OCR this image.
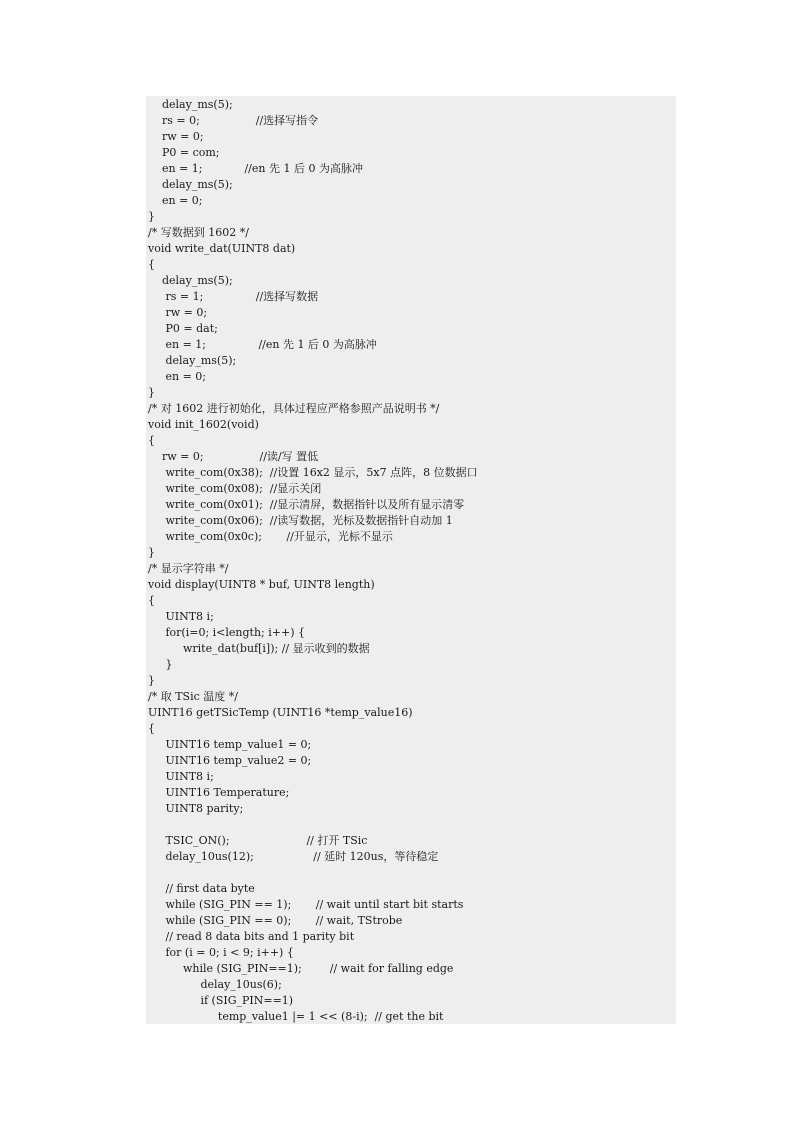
delay_ms(5);
rs = 0;                //选择写指令
rw = 0;
P0 = com;
en = 1;            //en 先 1 后 0 为高脉冲
delay_ms(5);
en = 0;
}
/* 写数据到 1602 */
void write_dat(UINT8 dat)
{
delay_ms(5);
rs = 1;               //选择写数据
rw = 0;
P0 = dat;
en = 1;               //en 先 1 后 0 为高脉冲
delay_ms(5);
en = 0;
}
/* 对 1602 进行初始化，具体过程应严格参照产品说明书 */
void init_1602(void)
{
rw = 0;                //读/写 置低
write_com(0x38);  //设置 16x2 显示，5x7 点阵，8 位数据口
write_com(0x08);  //显示关闭
write_com(0x01);  //显示清屏，数据指针以及所有显示清零
write_com(0x06);  //读写数据，光标及数据指针自动加 1
write_com(0x0c);       //开显示，光标不显示
}
/* 显示字符串 */
void display(UINT8 * buf, UINT8 length)
{
UINT8 i;
for(i=0; i<length; i++) {
write_dat(buf[i]); // 显示收到的数据
}
}
/* 取 TSic 温度 */
UINT16 getTSicTemp (UINT16 *temp_value16)
{
UINT16 temp_value1 = 0;
UINT16 temp_value2 = 0;
UINT8 i;
UINT16 Temperature;
UINT8 parity;
TSIC_ON();                      // 打开 TSic
delay_10us(12);                 // 延时 120us，等待稳定
// first data byte
while (SIG_PIN == 1);       // wait until start bit starts
while (SIG_PIN == 0);       // wait, TStrobe
// read 8 data bits and 1 parity bit
for (i = 0; i < 9; i++) {
while (SIG_PIN==1);        // wait for falling edge
delay_10us(6);
if (SIG_PIN==1)
temp_value1 |= 1 << (8-i);  // get the bit
